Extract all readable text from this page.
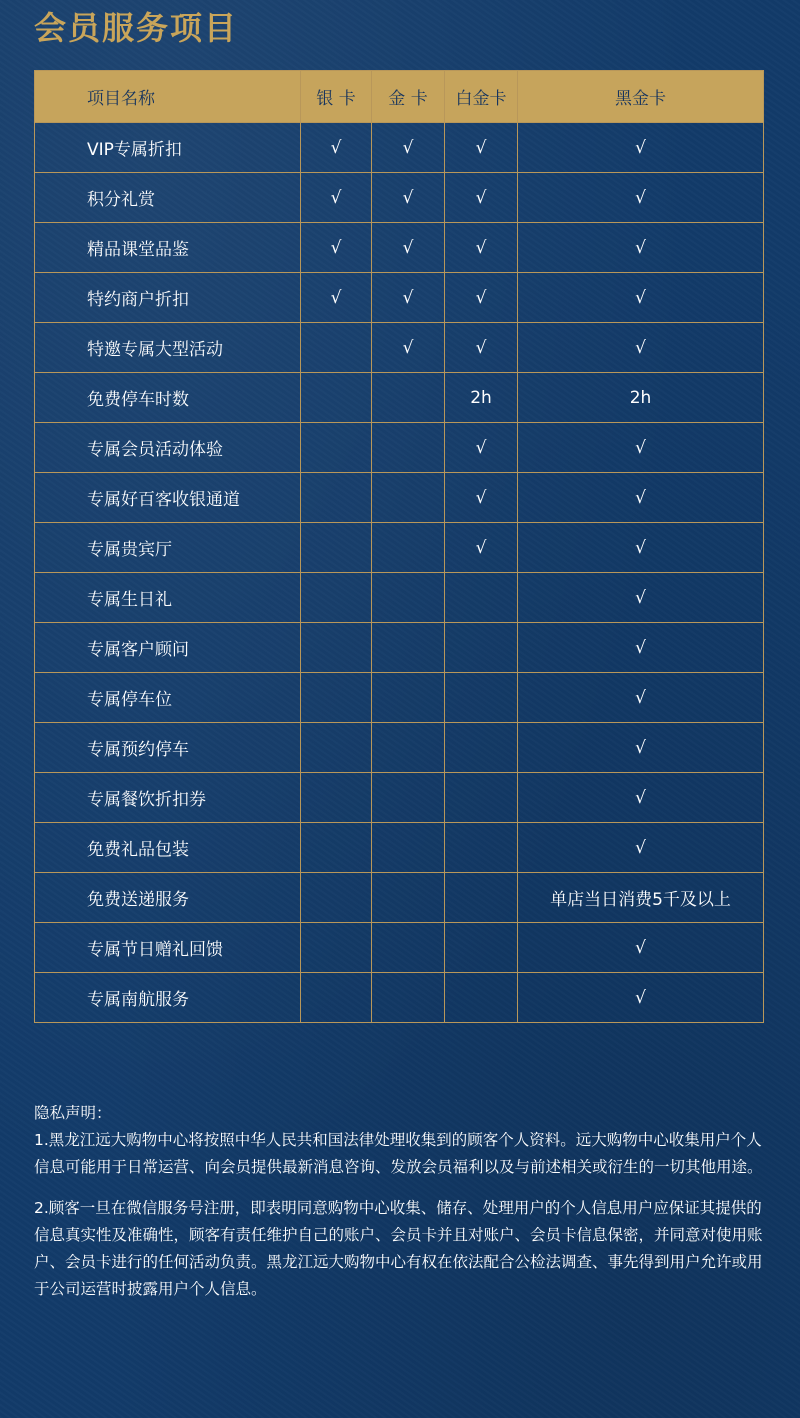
会员服务项目
项目名称	银 卡	金 卡	白金卡	黑金卡
VIP专属折扣	√	√	√	√
积分礼赏	√	√	√	√
精品课堂品鉴	√	√	√	√
特约商户折扣	√	√	√	√
特邀专属大型活动		√	√	√
免费停车时数			2h	2h
专属会员活动体验			√	√
专属好百客收银通道			√	√
专属贵宾厅			√	√
专属生日礼				√
专属客户顾问				√
专属停车位				√
专属预约停车				√
专属餐饮折扣券				√
免费礼品包装				√
免费送递服务				单店当日消费5千及以上
专属节日赠礼回馈				√
专属南航服务				√

隐私声明：

1.黑龙江远大购物中心将按照中华人民共和国法律处理收集到的顾客个人资料。远大购物中心收集用户个人信息可能用于日常运营、向会员提供最新消息咨询、发放会员福利以及与前述相关或衍生的一切其他用途。

2.顾客一旦在微信服务号注册，即表明同意购物中心收集、储存、处理用户的个人信息用户应保证其提供的信息真实性及准确性，顾客有责任维护自己的账户、会员卡并且对账户、会员卡信息保密，并同意对使用账户、会员卡进行的任何活动负责。黑龙江远大购物中心有权在依法配合公检法调查、事先得到用户允许或用于公司运营时披露用户个人信息。
